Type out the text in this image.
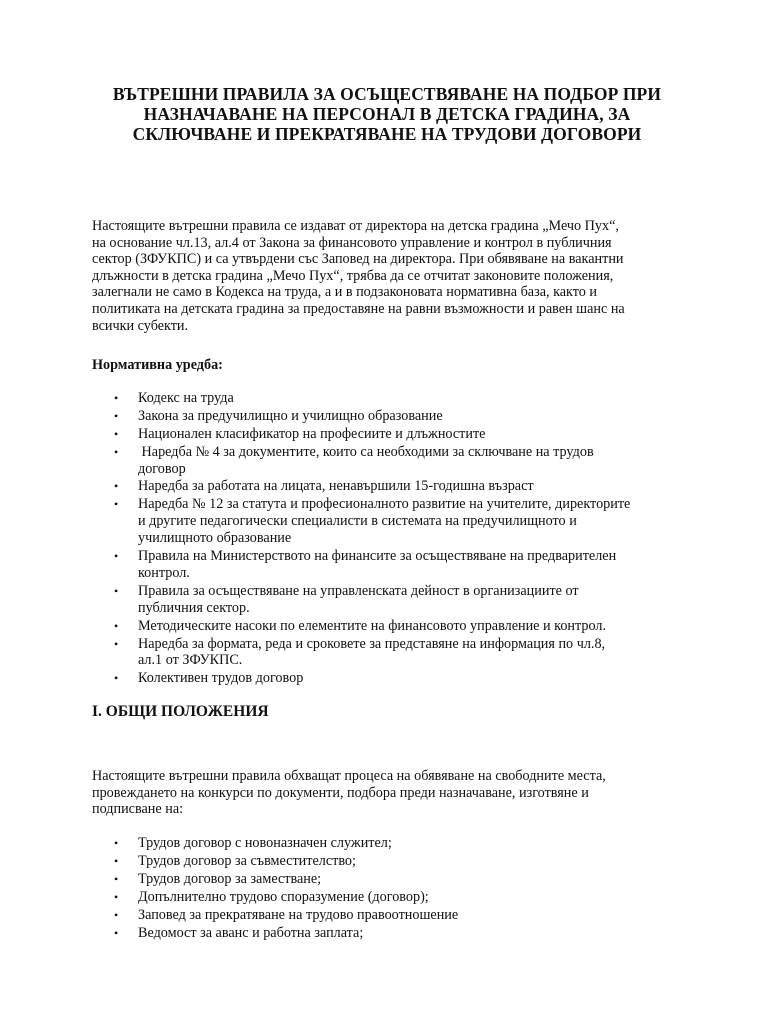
ВЪТРЕШНИ ПРАВИЛА ЗА ОСЪЩЕСТВЯВАНЕ НА ПОДБОР ПРИ
НАЗНАЧАВАНЕ НА ПЕРСОНАЛ В ДЕТСКА ГРАДИНА, ЗА
СКЛЮЧВАНЕ И ПРЕКРАТЯВАНЕ НА ТРУДОВИ ДОГОВОРИ

Настоящите вътрешни правила се издават от директора на детска градина „Мечо Пух“,
на основание чл.13, ал.4 от Закона за финансовото управление и контрол в публичния
сектор (ЗФУКПС) и са утвърдени със Заповед на директора. При обявяване на вакантни
длъжности в детска градина „Мечо Пух“, трябва да се отчитат законовите положения,
залегнали не само в Кодекса на труда, а и в подзаконовата нормативна база, както и
политиката на детската градина за предоставяне на равни възможности и равен шанс на
всички субекти.

Нормативна уредба:
• Кодекс на труда
• Закона за предучилищно и училищно образование
• Национален класификатор на професиите и длъжностите
• Наредба № 4 за документите, които са необходими за сключване на трудов
договор
• Наредба за работата на лицата, ненавършили 15-годишна възраст
• Наредба № 12 за статута и професионалното развитие на учителите, директорите
и другите педагогически специалисти в системата на предучилищното и
училищното образование
• Правила на Министерството на финансите за осъществяване на предварителен
контрол.
• Правила за осъществяване на управленската дейност в организациите от
публичния сектор.
• Методическите насоки по елементите на финансовото управление и контрол.
• Наредба за формата, реда и сроковете за представяне на информация по чл.8,
ал.1 от ЗФУКПС.
• Колективен трудов договор
I. ОБЩИ ПОЛОЖЕНИЯ

Настоящите вътрешни правила обхващат процеса на обявяване на свободните места,
провеждането на конкурси по документи, подбора преди назначаване, изготвяне и
подписване на:

• Трудов договор с новоназначен служител;
• Трудов договор за съвместителство;
• Трудов договор за заместване;
• Допълнително трудово споразумение (договор);
• Заповед за прекратяване на трудово правоотношение
• Ведомост за аванс и работна заплата;
